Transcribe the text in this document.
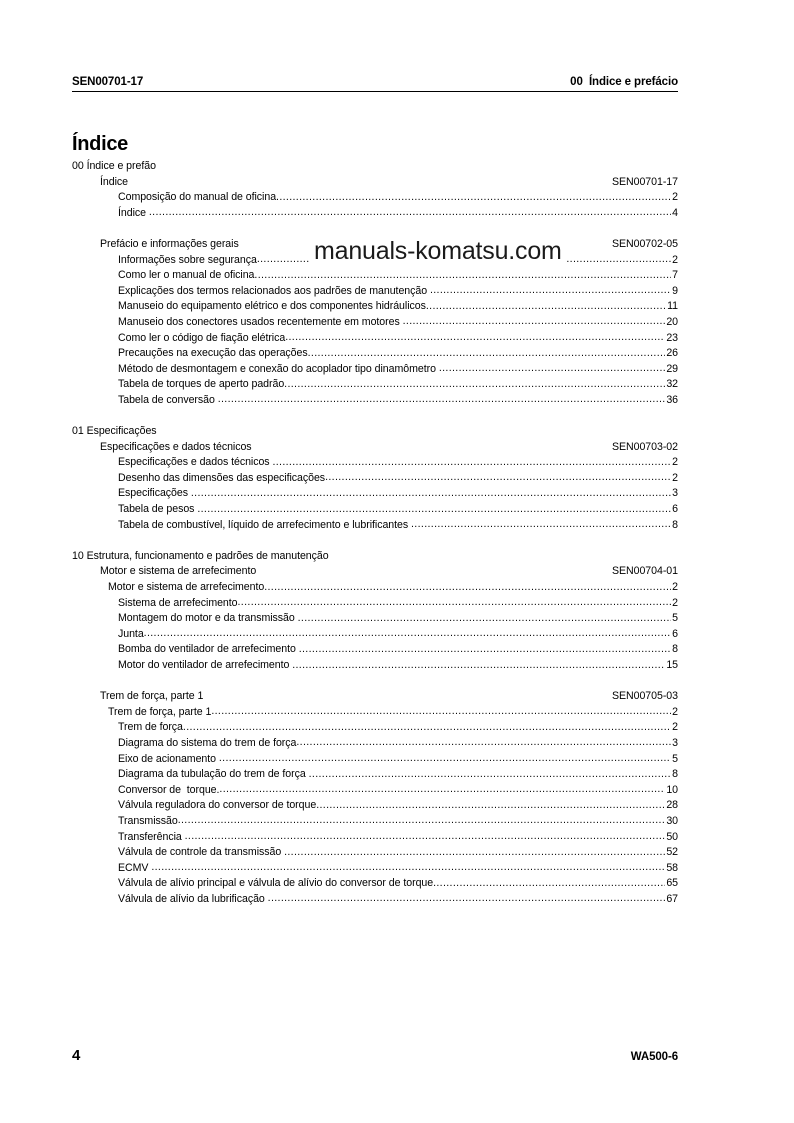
SEN00701-17	00  Índice e prefácio
Índice
00 Índice e prefão
Índice	SEN00701-17
Composição do manual de oficina .....	2
Índice .....	4
Prefácio e informações gerais	SEN00702-05
Informações sobre segurança .....	2
Como ler o manual de oficina .....	7
Explicações dos termos relacionados aos padrões de manutenção .....	9
Manuseio do equipamento elétrico e dos componentes hidráulicos .....	11
Manuseio dos conectores usados recentemente em motores .....	20
Como ler o código de fiação elétrica .....	23
Precauções na execução das operações .....	26
Método de desmontagem e conexão do acoplador tipo dinamômetro .....	29
Tabela de torques de aperto padrão .....	32
Tabela de conversão .....	36
01 Especificações
Especificações e dados técnicos	SEN00703-02
Especificações e dados técnicos .....	2
Desenho das dimensões das especificações .....	2
Especificações .....	3
Tabela de pesos .....	6
Tabela de combustível, líquido de arrefecimento e lubrificantes .....	8
10 Estrutura, funcionamento e padrões de manutenção
Motor e sistema de arrefecimento	SEN00704-01
Motor e sistema de arrefecimento .....	2
Sistema de arrefecimento .....	2
Montagem do motor e da transmissão .....	5
Junta .....	6
Bomba do ventilador de arrefecimento .....	8
Motor do ventilador de arrefecimento .....	15
Trem de força, parte 1	SEN00705-03
Trem de força, parte 1 .....	2
Trem de força .....	2
Diagrama do sistema do trem de força .....	3
Eixo de acionamento .....	5
Diagrama da tubulação do trem de força .....	8
Conversor de  torque. .....	10
Válvula reguladora do conversor de torque .....	28
Transmissão .....	30
Transferência .....	50
Válvula de controle da transmissão .....	52
ECMV .....	58
Válvula de alívio principal e válvula de alívio do conversor de torque .....	65
Válvula de alívio da lubrificação .....	67
manuals-komatsu.com
4	WA500-6
